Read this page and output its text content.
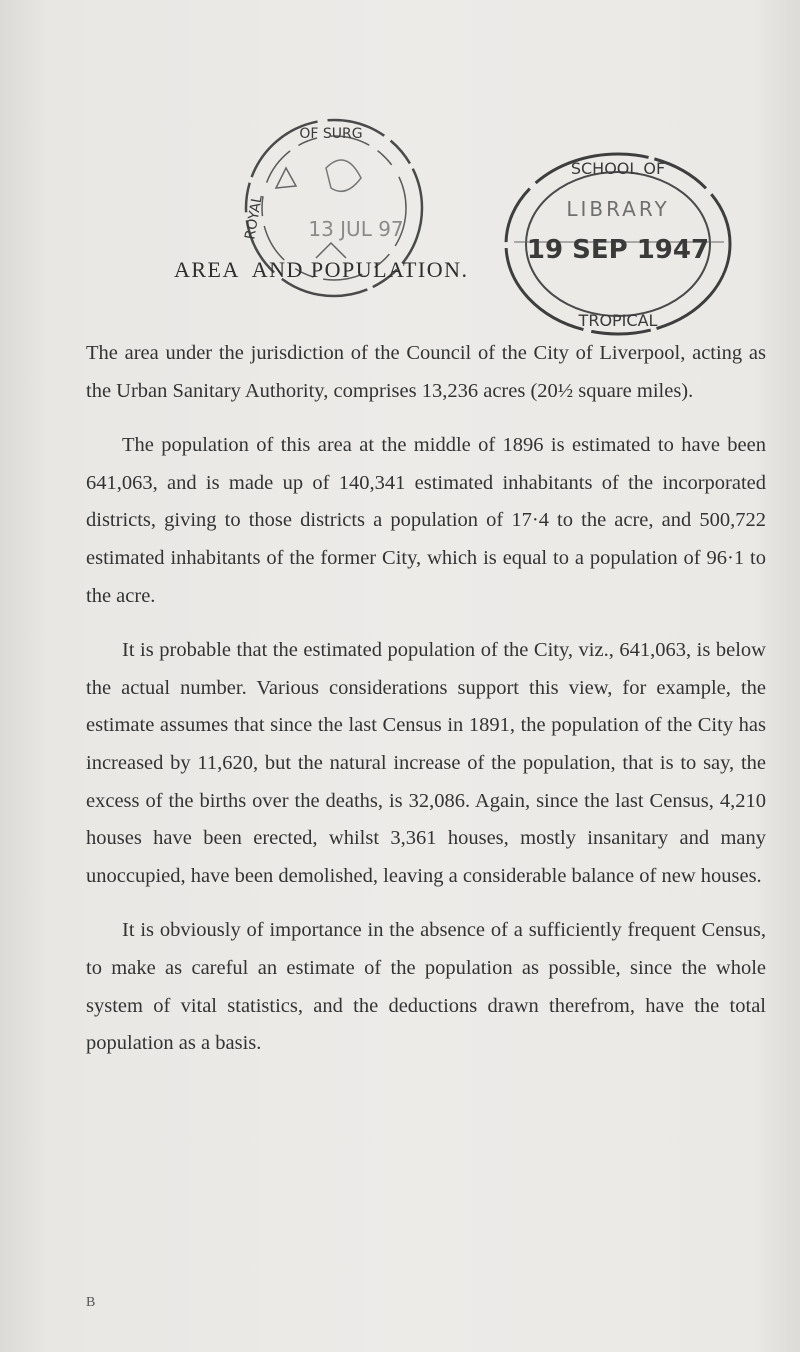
OF SURG
ROYAL 13 JUL 97
SCHOOL OF
LIBRARY
19 SEP 1947
TROPICAL
AREA AND POPULATION.

The area under the jurisdiction of the Council of the City of Liverpool, acting as the Urban Sanitary Authority, comprises 13,236 acres (20½ square miles).

The population of this area at the middle of 1896 is estimated to have been 641,063, and is made up of 140,341 estimated inhabitants of the incorporated districts, giving to those districts a population of 17·4 to the acre, and 500,722 estimated inhabitants of the former City, which is equal to a population of 96·1 to the acre.

It is probable that the estimated population of the City, viz., 641,063, is below the actual number. Various considerations support this view, for example, the estimate assumes that since the last Census in 1891, the population of the City has increased by 11,620, but the natural increase of the population, that is to say, the excess of the births over the deaths, is 32,086. Again, since the last Census, 4,210 houses have been erected, whilst 3,361 houses, mostly insanitary and many unoccupied, have been demolished, leaving a considerable balance of new houses.

It is obviously of importance in the absence of a sufficiently frequent Census, to make as careful an estimate of the population as possible, since the whole system of vital statistics, and the deductions drawn therefrom, have the total population as a basis.

B
